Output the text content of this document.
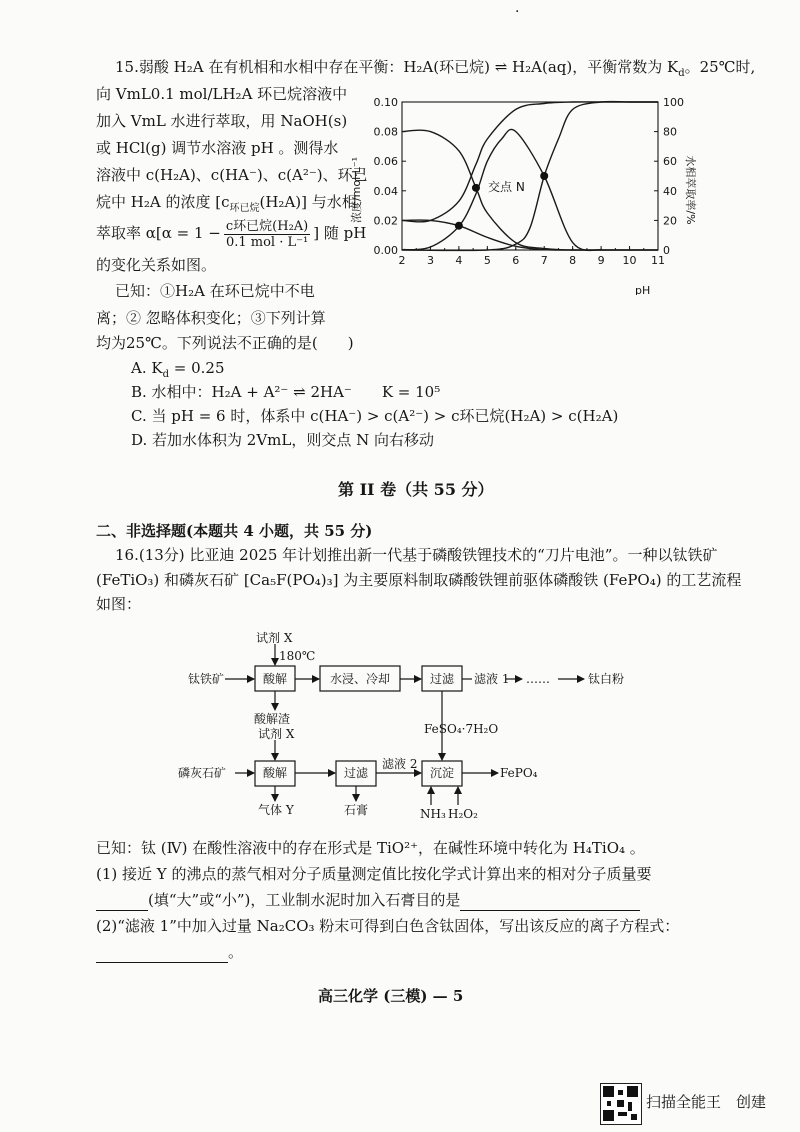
·
15.弱酸 H₂A 在有机相和水相中存在平衡：H₂A(环已烷) ⇌ H₂A(aq)，平衡常数为 $K_d$。25℃时,
向 VmL0.1 mol/LH₂A 环已烷溶液中
加入 VmL 水进行萃取，用 NaOH(s)
或 HCl(g) 调节水溶液 pH 。测得水
溶液中 c(H₂A)、c(HA⁻)、c(A²⁻)、环已
烷中 H₂A 的浓度 $[c_{环已烷}(H_2A)]$ 与水相
萃取率 $\alpha[\alpha = 1 - \frac{\text{c环已烷(H₂A)}}{\text{0.1 mol · L⁻¹}}$ ] 随 pH
的变化关系如图。
已知：①H₂A 在环已烷中不电
离；② 忽略体积变化；③下列计算
均为25℃。下列说法不正确的是(　　)
A. $K_d = 0.25$
B. 水相中：H₂A + A²⁻ ⇌ 2HA⁻　　K = 10⁵
C. 当 pH = 6 时，体系中 c(HA⁻) > c(A²⁻) > c环已烷(H₂A) > c(H₂A)
D. 若加水体积为 2VmL，则交点 N 向右移动
2 3 4 5 6 7 8 9 10 11
0.00
0.02
0.04
0.06
0.08
0.10
0
20
40
60
80
100
浓度/mol·L⁻¹	水相萃取率/%
pH
交点 N
第 II 卷（共 55 分）
二、非选择题(本题共 4 小题，共 55 分)
16.(13分) 比亚迪 2025 年计划推出新一代基于磷酸铁锂技术的“刀片电池”。一种以钛铁矿
(FeTiO₃) 和磷灰石矿 [Ca₅F(PO₄)₃] 为主要原料制取磷酸铁锂前驱体磷酸铁 (FePO₄) 的工艺流程
如图：
试剂 X
180℃
钛铁矿	酸解	水浸、冷却	过滤 滤液 1 ……	钛白粉
酸解渣
FeSO₄·7H₂O
试剂 X
磷灰石矿	酸解	过滤
滤液 2
沉淀	FePO₄
气体 Y	石膏	NH₃ H₂O₂
已知：钛 (Ⅳ) 在酸性溶液中的存在形式是 TiO²⁺，在碱性环境中转化为 H₄TiO₄ 。
(1) 接近 Y 的沸点的蒸气相对分子质量测定值比按化学式计算出来的相对分子质量要
(填“大”或“小”)，工业制水泥时加入石膏目的是
(2)“滤液 1”中加入过量 Na₂CO₃ 粉末可得到白色含钛固体，写出该反应的离子方程式：
。
高三化学 (三模) — 5
扫描全能王　创建
